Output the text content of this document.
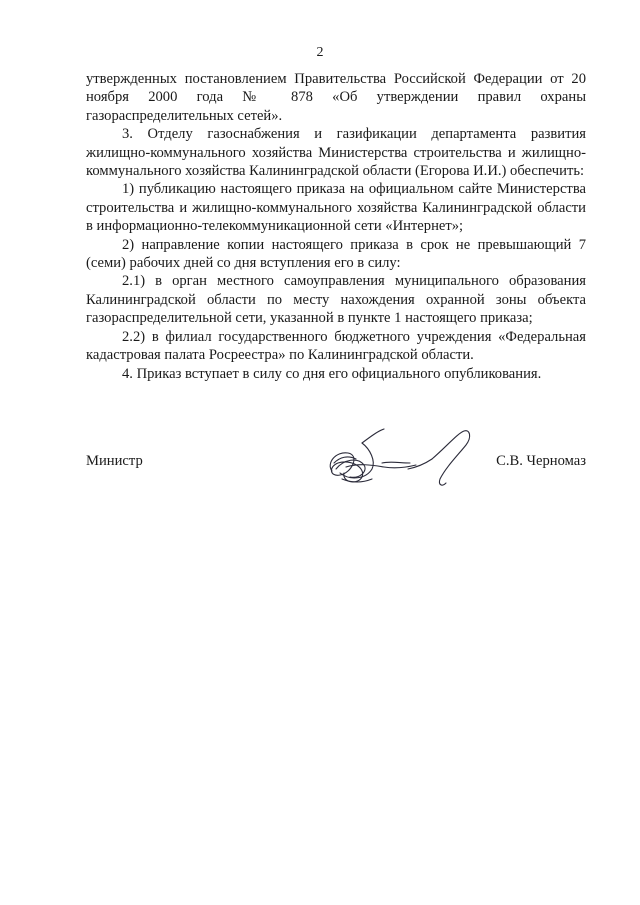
2

утвержденных постановлением Правительства Российской Федерации от 20 ноября 2000 года № 878 «Об утверждении правил охраны газораспределительных сетей».

3. Отделу газоснабжения и газификации департамента развития жилищно-коммунального хозяйства Министерства строительства и жилищно-коммунального хозяйства Калининградской области (Егорова И.И.) обеспечить:

1) публикацию настоящего приказа на официальном сайте Министерства строительства и жилищно-коммунального хозяйства Калининградской области в информационно-телекоммуникационной сети «Интернет»;

2) направление копии настоящего приказа в срок не превышающий 7 (семи) рабочих дней со дня вступления его в силу:

2.1) в орган местного самоуправления муниципального образования Калининградской области по месту нахождения охранной зоны объекта газораспределительной сети, указанной в пункте 1 настоящего приказа;

2.2) в филиал государственного бюджетного учреждения «Федеральная кадастровая палата Росреестра» по Калининградской области.

4. Приказ вступает в силу со дня его официального опубликования.

Министр	С.В. Черномаз
